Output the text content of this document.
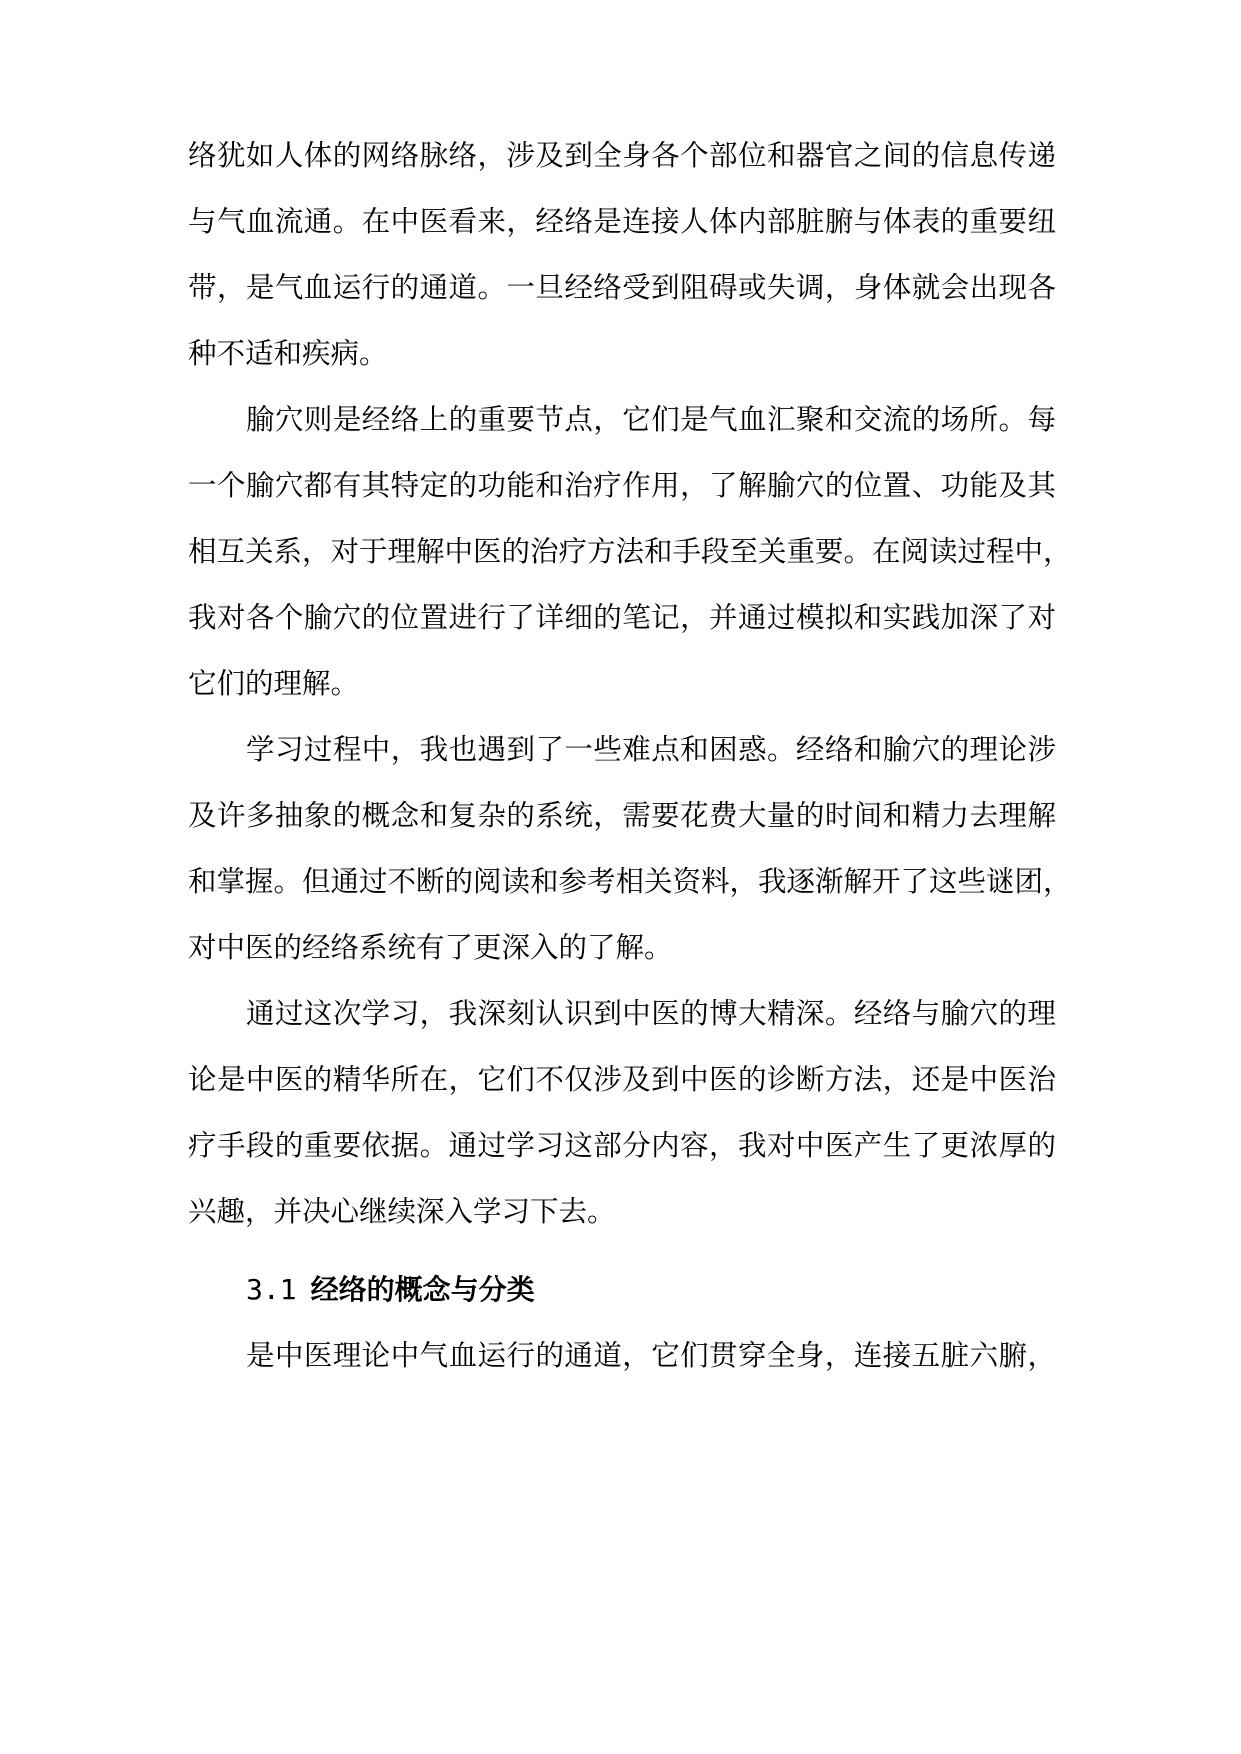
络犹如人体的网络脉络，涉及到全身各个部位和器官之间的信息传递
与气血流通。在中医看来，经络是连接人体内部脏腑与体表的重要纽
带，是气血运行的通道。一旦经络受到阻碍或失调，身体就会出现各
种不适和疾病。
腧穴则是经络上的重要节点，它们是气血汇聚和交流的场所。每
一个腧穴都有其特定的功能和治疗作用，了解腧穴的位置、功能及其
相互关系，对于理解中医的治疗方法和手段至关重要。在阅读过程中，
我对各个腧穴的位置进行了详细的笔记，并通过模拟和实践加深了对
它们的理解。
学习过程中，我也遇到了一些难点和困惑。经络和腧穴的理论涉
及许多抽象的概念和复杂的系统，需要花费大量的时间和精力去理解
和掌握。但通过不断的阅读和参考相关资料，我逐渐解开了这些谜团，
对中医的经络系统有了更深入的了解。
通过这次学习，我深刻认识到中医的博大精深。经络与腧穴的理
论是中医的精华所在，它们不仅涉及到中医的诊断方法，还是中医治
疗手段的重要依据。通过学习这部分内容，我对中医产生了更浓厚的
兴趣，并决心继续深入学习下去。
3.1 经络的概念与分类
是中医理论中气血运行的通道，它们贯穿全身，连接五脏六腑，
